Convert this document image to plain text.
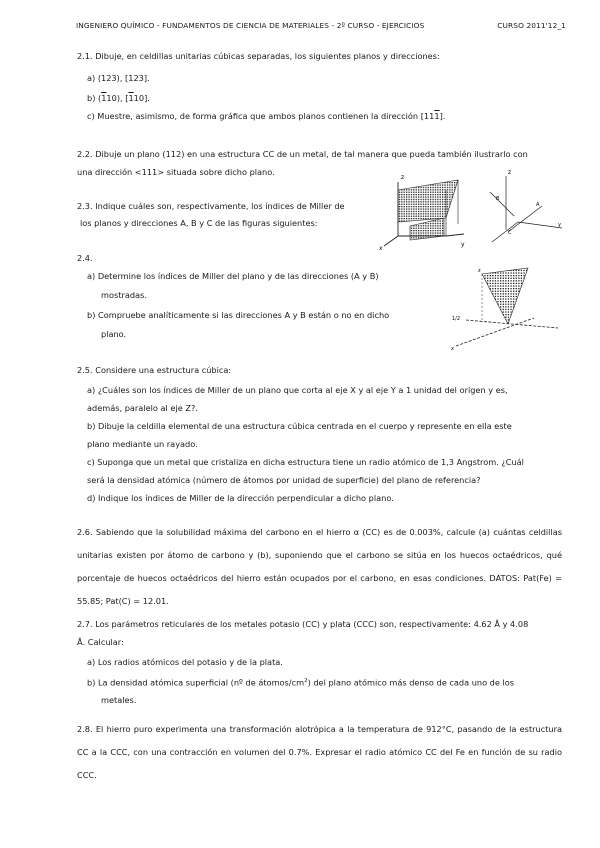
INGENIERO QUÍMICO - FUNDAMENTOS DE CIENCIA DE MATERIALES - 2º CURSO - EJERCICIOS	CURSO 2011'12_1
2.1. Dibuje, en celdillas unitarias cúbicas separadas, los siguientes planos y direcciones:
a) (123), [123].
b) (110), [110].
c) Muestre, asimismo, de forma gráfica que ambos planos contienen la dirección [111].
2.2. Dibuje un plano (112) en una estructura CC de un metal, de tal manera que pueda también ilustrarlo con
una dirección <111> situada sobre dicho plano.
2.3. Indique cuáles son, respectivamente, los índices de Miller de
los planos y direcciones A, B y C de las figuras siguientes:
z
y
x
z
B
A
C
y
2.4.
a) Determine los índices de Miller del plano y de las direcciones (A y B)
mostradas.
b) Compruebe analíticamente si las direcciones A y B están o no en dicho
plano.
z
1/2
x
2.5. Considere una estructura cúbica:
a) ¿Cuáles son los índices de Miller de un plano que corta al eje X y al eje Y a 1 unidad del origen y es,
además, paralelo al eje Z?.
b) Dibuje la celdilla elemental de una estructura cúbica centrada en el cuerpo y represente en ella este
plano mediante un rayado.
c) Suponga que un metal que cristaliza en dicha estructura tiene un radio atómico de 1,3 Angstrom. ¿Cuál
será la densidad atómica (número de átomos por unidad de superficie) del plano de referencia?
d) Indique los índices de Miller de la dirección perpendicular a dicho plano.
2.6. Sabiendo que la solubilidad máxima del carbono en el hierro α (CC) es de 0.003%, calcule (a) cuántas celdillas unitarias existen por átomo de carbono y (b), suponiendo que el carbono se sitúa en los huecos octaédricos, qué porcentaje de huecos octaédricos del hierro están ocupados por el carbono, en esas condiciones. DATOS: Pat(Fe) = 55.85; Pat(C) = 12.01.
2.7. Los parámetros reticulares de los metales potasio (CC) y plata (CCC) son, respectivamente: 4.62 Å y 4.08
Å. Calcular:
a) Los radios atómicos del potasio y de la plata.
b) La densidad atómica superficial (nº de átomos/$cm^2$) del plano atómico más denso de cada uno de los
metales.
2.8. El hierro puro experimenta una transformación alotrópica a la temperatura de 912°C, pasando de la estructura CC a la CCC, con una contracción en volumen del 0.7%. Expresar el radio atómico CC del Fe en función de su radio CCC.
